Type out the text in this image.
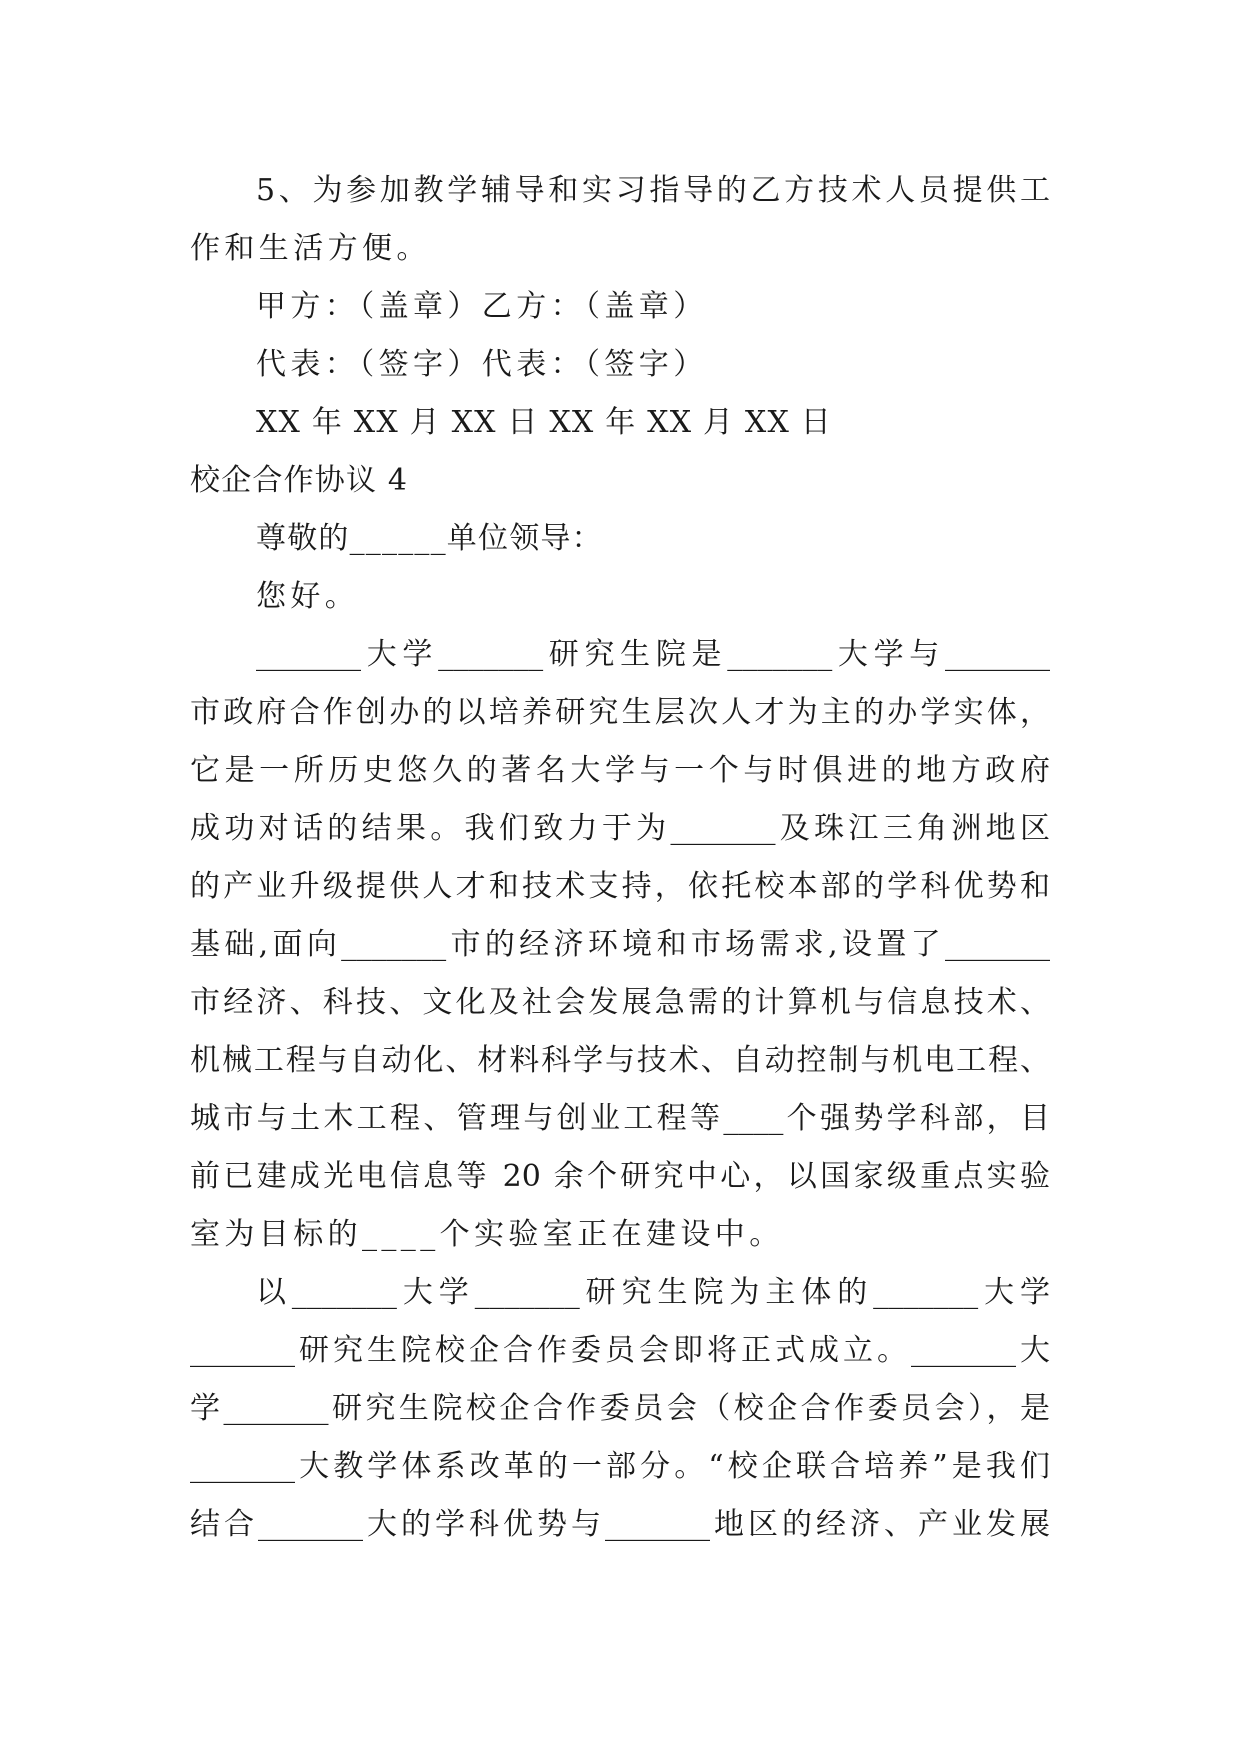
5、为参加教学辅导和实习指导的乙方技术人员提供工
作和生活方便。
甲方：（盖章）乙方：（盖章）
代表：（签字）代表：（签字）
XX 年 XX 月 XX 日 XX 年 XX 月 XX 日
校企合作协议 4
尊敬的______单位领导：
您好。
_______大学_______研究生院是_______大学与_______
市政府合作创办的以培养研究生层次人才为主的办学实体，
它是一所历史悠久的著名大学与一个与时俱进的地方政府
成功对话的结果。我们致力于为_______及珠江三角洲地区
的产业升级提供人才和技术支持，依托校本部的学科优势和
基础,面向_______市的经济环境和市场需求,设置了_______
市经济、科技、文化及社会发展急需的计算机与信息技术、
机械工程与自动化、材料科学与技术、自动控制与机电工程、
城市与土木工程、管理与创业工程等____个强势学科部，目
前已建成光电信息等 20 余个研究中心，以国家级重点实验
室为目标的____个实验室正在建设中。
以_______大学_______研究生院为主体的_______大学
_______研究生院校企合作委员会即将正式成立。_______大
学_______研究生院校企合作委员会（校企合作委员会），是
_______大教学体系改革的一部分。“校企联合培养”是我们
结合_______大的学科优势与_______地区的经济、产业发展
